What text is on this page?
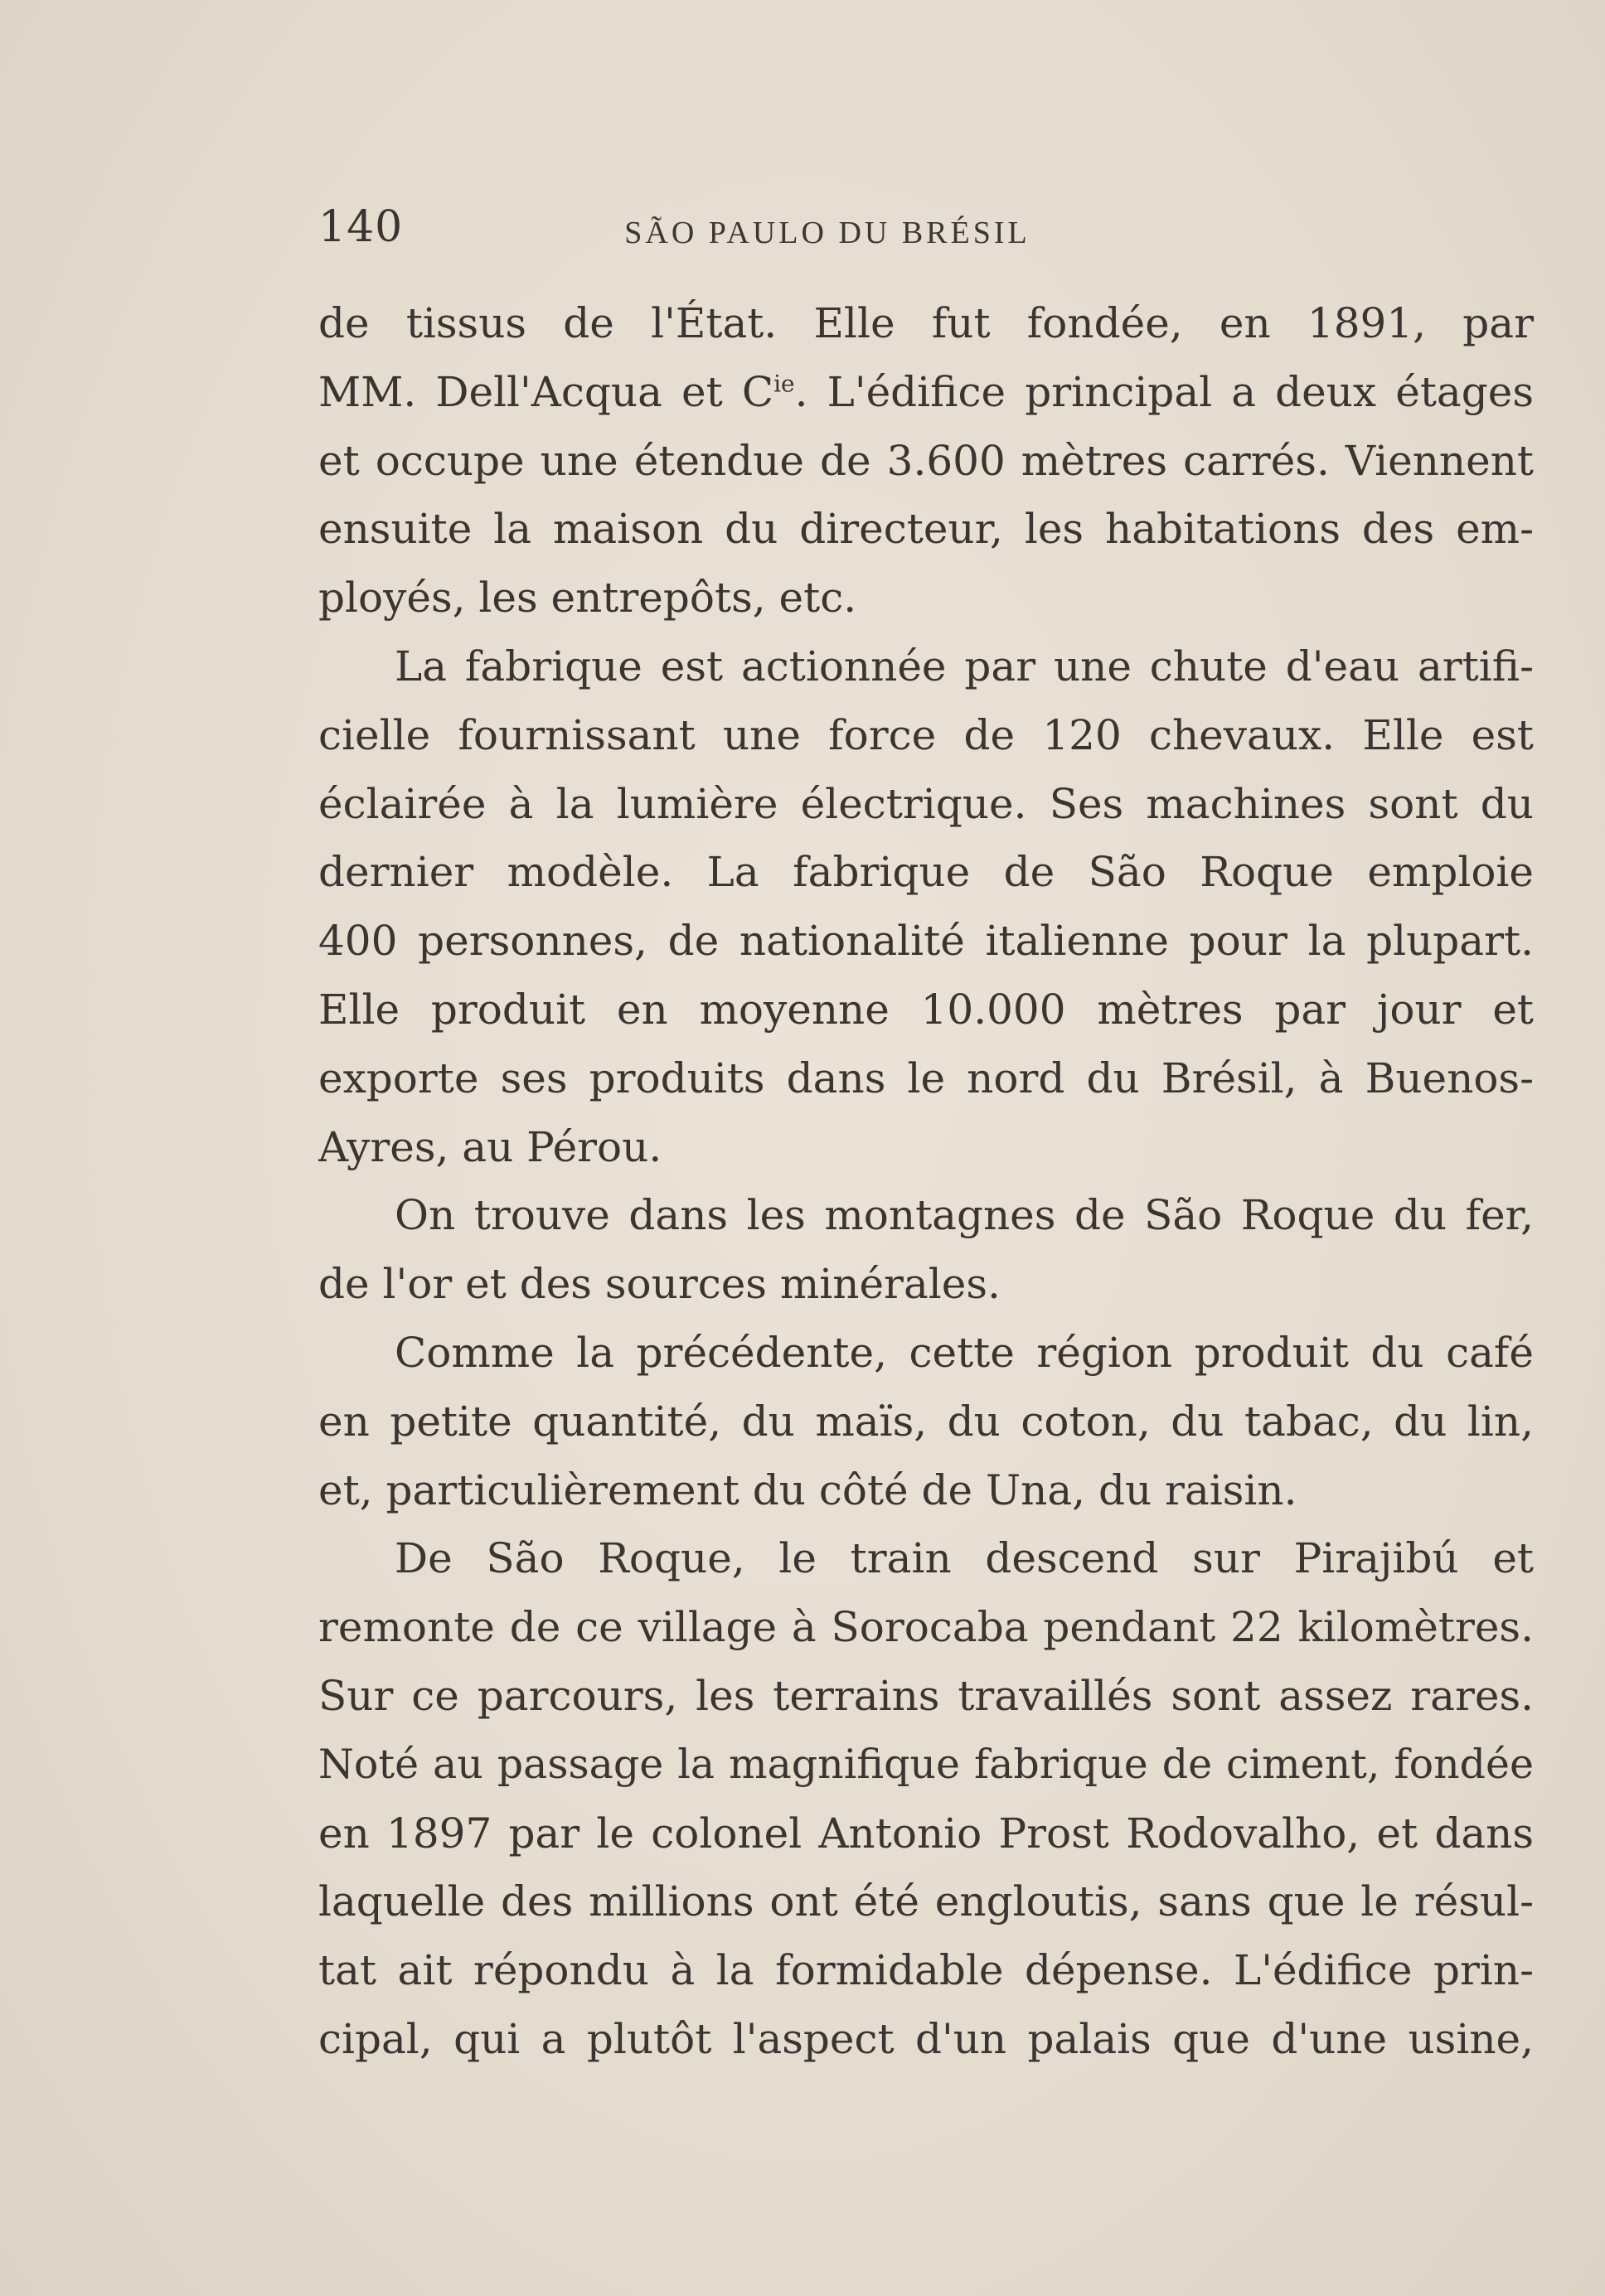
140	SÃO PAULO DU BRÉSIL
de tissus de l'État. Elle fut fondée, en 1891, par
MM. Dell'Acqua et $C^{ie}$. L'édifice principal a deux étages
et occupe une étendue de 3.600 mètres carrés. Viennent
ensuite la maison du directeur, les habitations des em-
ployés, les entrepôts, etc.
La fabrique est actionnée par une chute d'eau artifi-
cielle fournissant une force de 120 chevaux. Elle est
éclairée à la lumière électrique. Ses machines sont du
dernier modèle. La fabrique de São Roque emploie
400 personnes, de nationalité italienne pour la plupart.
Elle produit en moyenne 10.000 mètres par jour et
exporte ses produits dans le nord du Brésil, à Buenos-
Ayres, au Pérou.
On trouve dans les montagnes de São Roque du fer,
de l'or et des sources minérales.
Comme la précédente, cette région produit du café
en petite quantité, du maïs, du coton, du tabac, du lin,
et, particulièrement du côté de Una, du raisin.
De São Roque, le train descend sur Pirajibú et
remonte de ce village à Sorocaba pendant 22 kilomètres.
Sur ce parcours, les terrains travaillés sont assez rares.
Noté au passage la magnifique fabrique de ciment, fondée
en 1897 par le colonel Antonio Prost Rodovalho, et dans
laquelle des millions ont été engloutis, sans que le résul-
tat ait répondu à la formidable dépense. L'édifice prin-
cipal, qui a plutôt l'aspect d'un palais que d'une usine,
